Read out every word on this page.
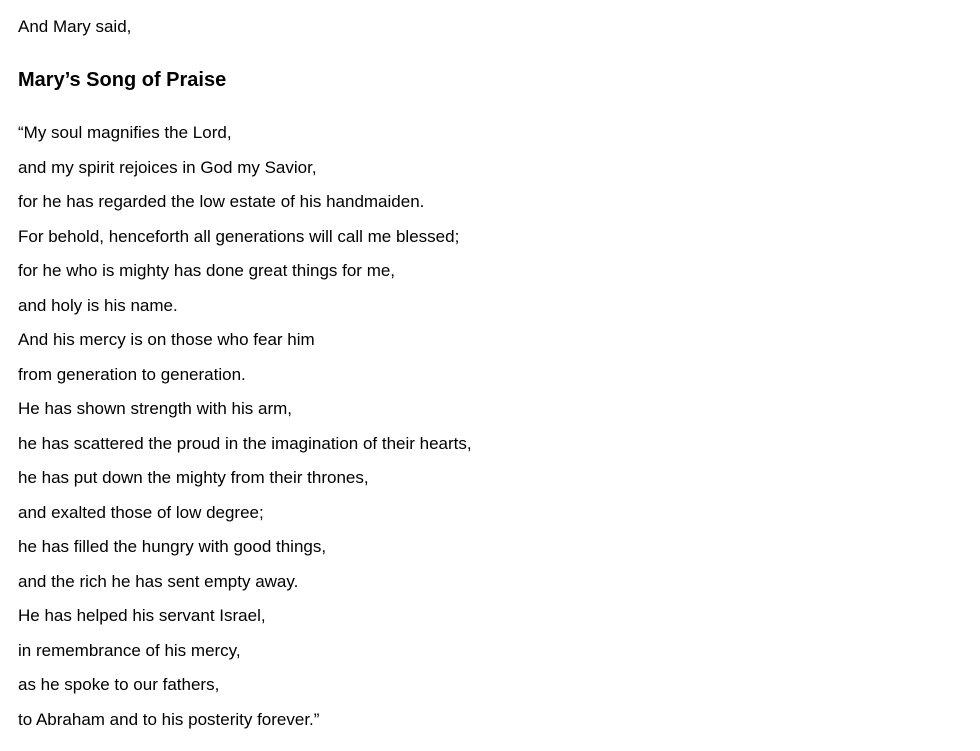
And Mary said,
Mary’s Song of Praise
“My soul magnifies the Lord,
and my spirit rejoices in God my Savior,
for he has regarded the low estate of his handmaiden.
For behold, henceforth all generations will call me blessed;
for he who is mighty has done great things for me,
and holy is his name.
And his mercy is on those who fear him
from generation to generation.
He has shown strength with his arm,
he has scattered the proud in the imagination of their hearts,
he has put down the mighty from their thrones,
and exalted those of low degree;
he has filled the hungry with good things,
and the rich he has sent empty away.
He has helped his servant Israel,
in remembrance of his mercy,
as he spoke to our fathers,
to Abraham and to his posterity forever.”
